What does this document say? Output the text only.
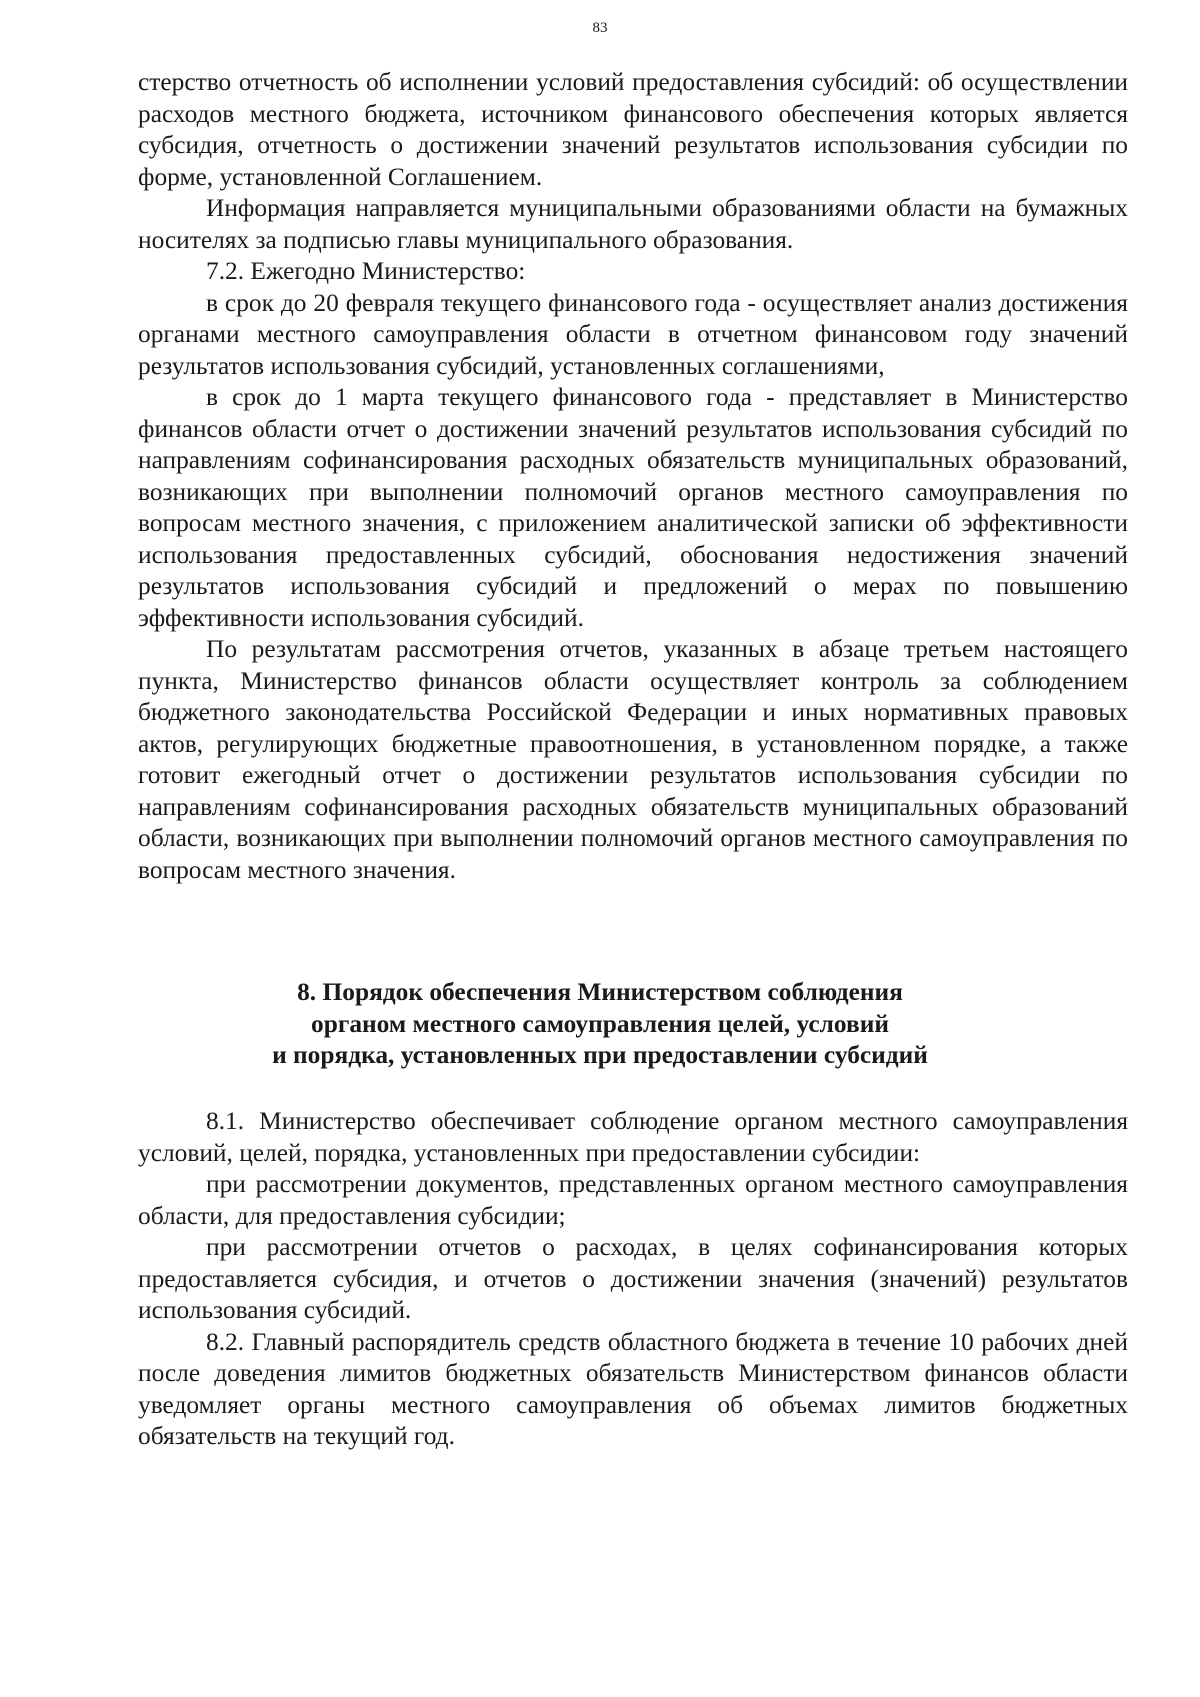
83

стерство отчетность об исполнении условий предоставления субсидий: об осуществлении расходов местного бюджета, источником финансового обеспечения которых является субсидия, отчетность о достижении значений результатов использования субсидии по форме, установленной Соглашением.

Информация направляется муниципальными образованиями области на бумажных носителях за подписью главы муниципального образования.

7.2. Ежегодно Министерство:

в срок до 20 февраля текущего финансового года - осуществляет анализ достижения органами местного самоуправления области в отчетном финансовом году значений результатов использования субсидий, установленных соглашениями,

в срок до 1 марта текущего финансового года - представляет в Министерство финансов области отчет о достижении значений результатов использования субсидий по направлениям софинансирования расходных обязательств муниципальных образований, возникающих при выполнении полномочий органов местного самоуправления по вопросам местного значения, с приложением аналитической записки об эффективности использования предоставленных субсидий, обоснования недостижения значений результатов использования субсидий и предложений о мерах по повышению эффективности использования субсидий.

По результатам рассмотрения отчетов, указанных в абзаце третьем настоящего пункта, Министерство финансов области осуществляет контроль за соблюдением бюджетного законодательства Российской Федерации и иных нормативных правовых актов, регулирующих бюджетные правоотношения, в установленном порядке, а также готовит ежегодный отчет о достижении результатов использования субсидии по направлениям софинансирования расходных обязательств муниципальных образований области, возникающих при выполнении полномочий органов местного самоуправления по вопросам местного значения.

8. Порядок обеспечения Министерством соблюдения
органом местного самоуправления целей, условий
и порядка, установленных при предоставлении субсидий

8.1. Министерство обеспечивает соблюдение органом местного самоуправления условий, целей, порядка, установленных при предоставлении субсидии:

при рассмотрении документов, представленных органом местного самоуправления области, для предоставления субсидии;

при рассмотрении отчетов о расходах, в целях софинансирования которых предоставляется субсидия, и отчетов о достижении значения (значений) результатов использования субсидий.

8.2. Главный распорядитель средств областного бюджета в течение 10 рабочих дней после доведения лимитов бюджетных обязательств Министерством финансов области уведомляет органы местного самоуправления об объемах лимитов бюджетных обязательств на текущий год.
